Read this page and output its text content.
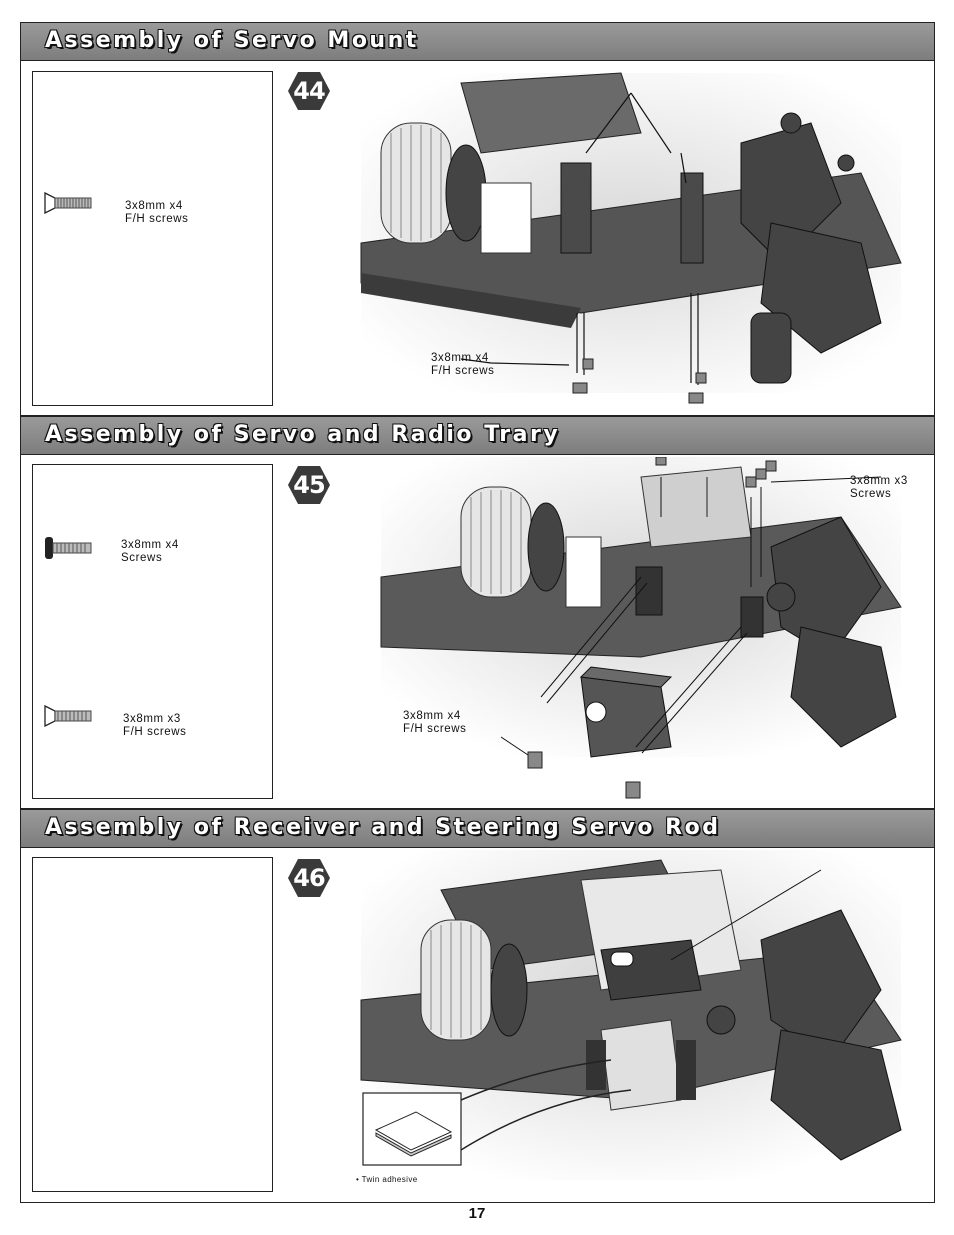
Assembly of Servo Mount
3x8mm x4
F/H screws
44
3x8mm x4
F/H screws
Assembly of Servo and Radio Trary
3x8mm x4
Screws
3x8mm x3
F/H screws
45	3x8mm x3
Screws
3x8mm x4
F/H screws
Assembly of Receiver and Steering Servo Rod
46
• Twin adhesive
17
